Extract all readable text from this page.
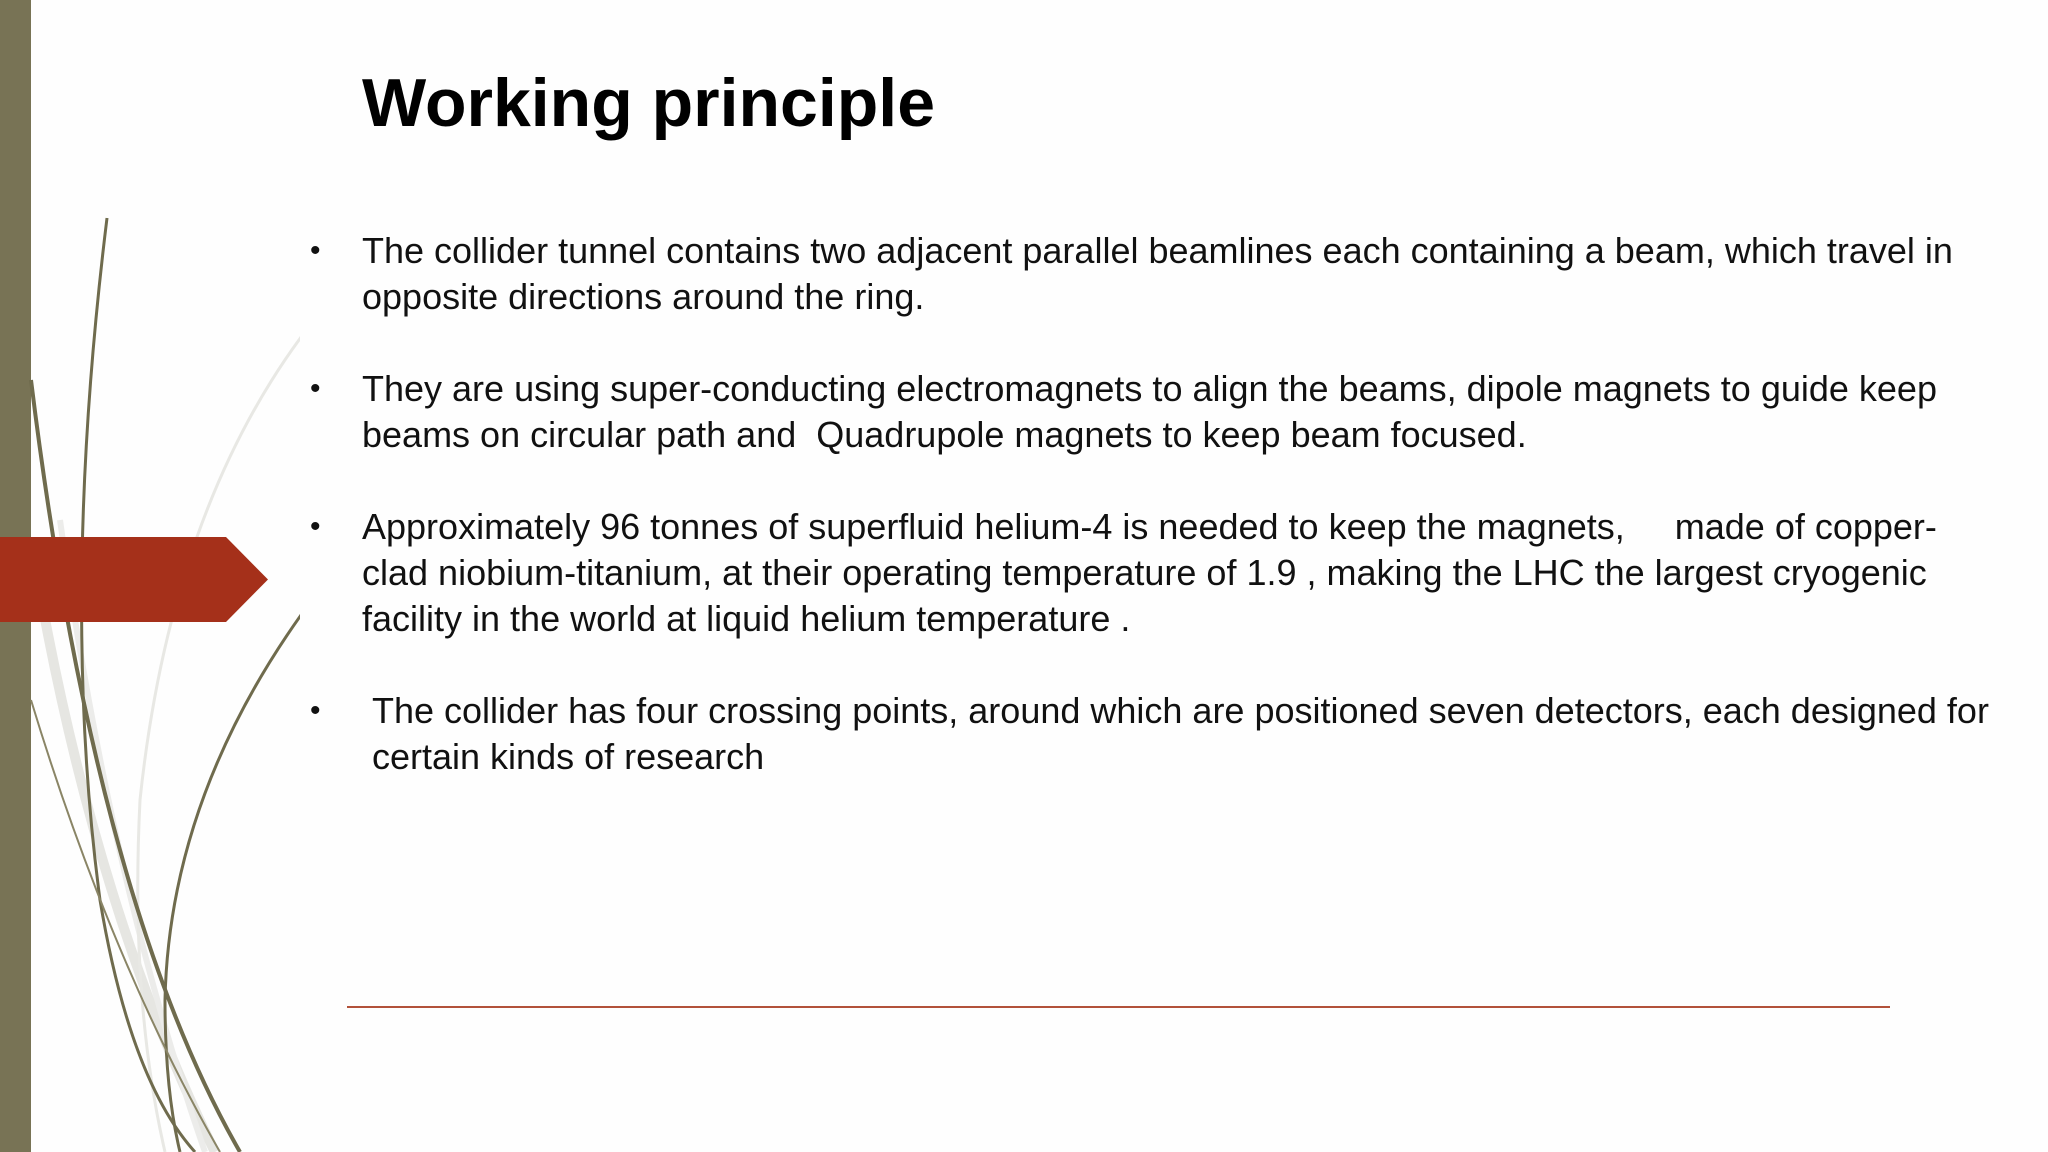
Working principle
• The collider tunnel contains two adjacent parallel beamlines each containing a beam, which travel in opposite directions around the ring.
• They are using super-conducting electromagnets to align the beams, dipole magnets to guide keep beams on circular path and  Quadrupole magnets to keep beam focused.
• Approximately 96 tonnes of superfluid helium-4 is needed to keep the magnets,     made of copper-clad niobium-titanium, at their operating temperature of 1.9 , making the LHC the largest cryogenic facility in the world at liquid helium temperature .
• The collider has four crossing points, around which are positioned seven detectors, each designed for certain kinds of research
